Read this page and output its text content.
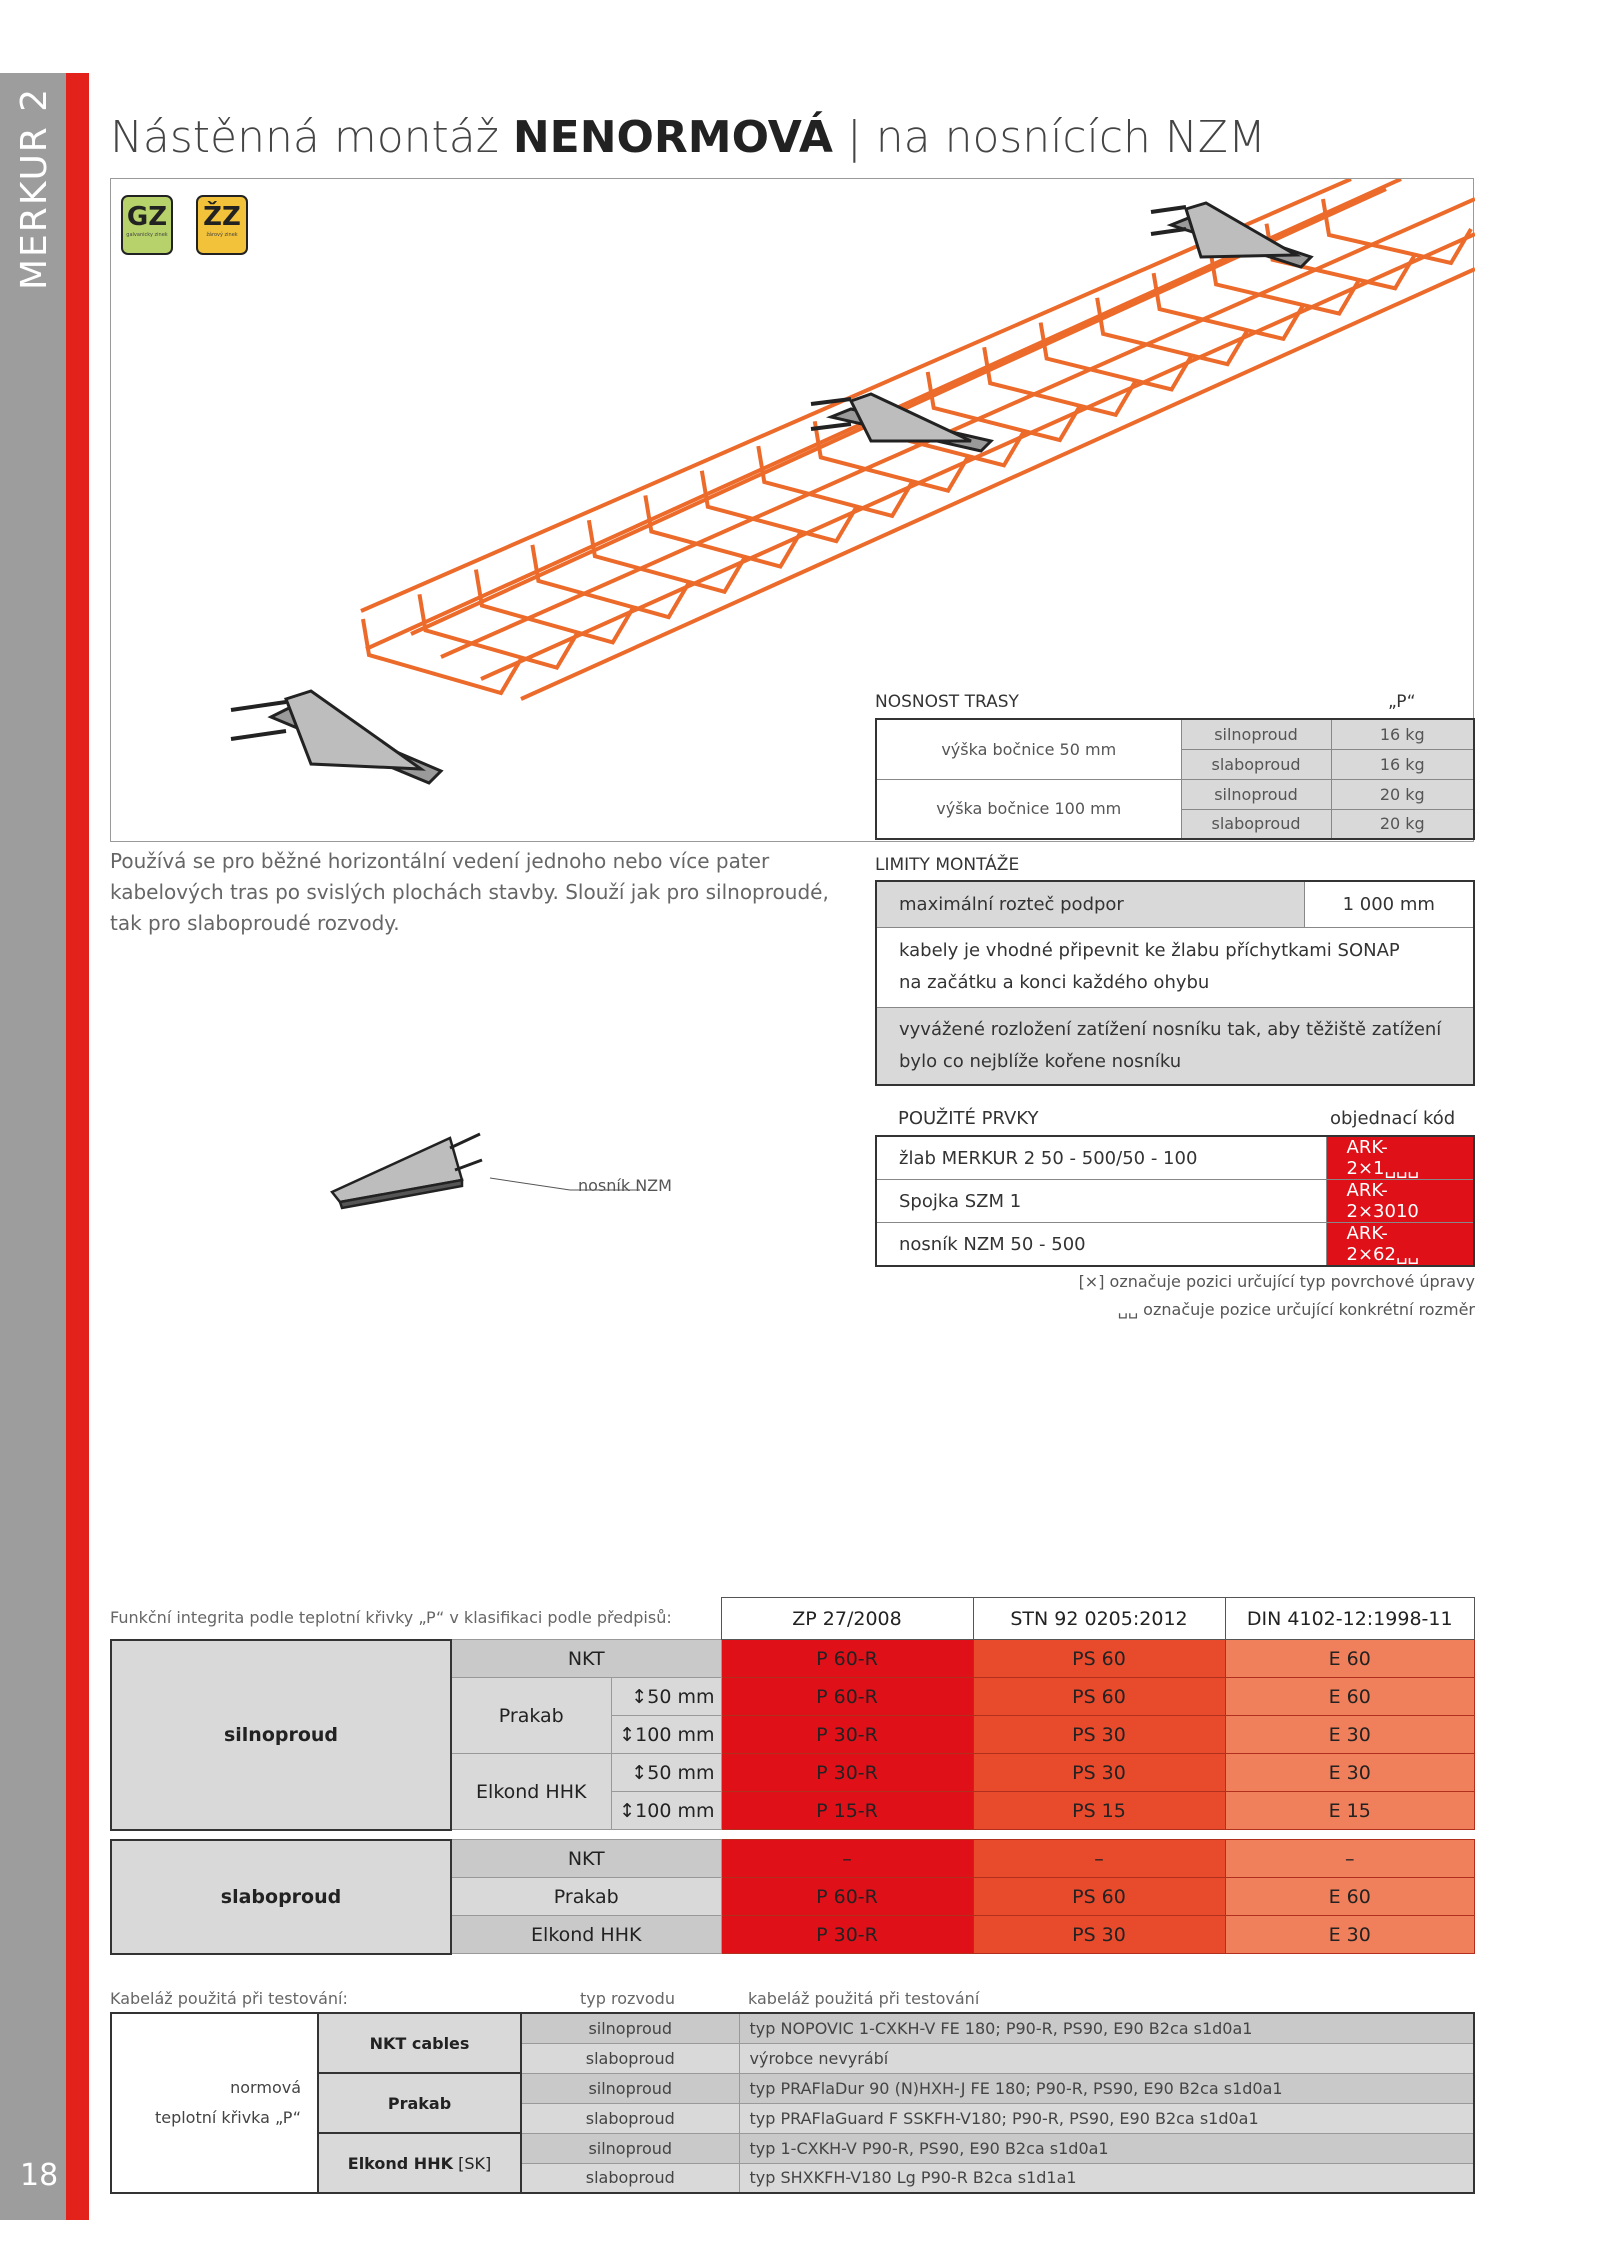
MERKUR 2
18
Nástěnná montáž NENORMOVÁ | na nosnících NZM
GZ
galvanicky zinek
ŽZ
žárový zinek
Používá se pro běžné horizontální vedení jednoho nebo více pater kabelových tras po svislých plochách stavby. Slouží jak pro silnoproudé, tak pro slaboproudé rozvody.
nosník NZM
NOSNOST TRASY	„P“
výška bočnice 50 mm	silnoproud	16 kg
	slaboproud	16 kg
výška bočnice 100 mm	silnoproud	20 kg
	slaboproud	20 kg
LIMITY MONTÁŽE
maximální rozteč podpor	1 000 mm

kabely je vhodné připevnit ke žlabu příchytkami SONAP
na začátku a konci každého ohybu

vyvážené rozložení zatížení nosníku tak, aby těžiště zatížení
bylo co nejblíže kořene nosníku
POUŽITÉ PRVKY	objednací kód
žlab MERKUR 2 50 - 500/50 - 100	ARK-2×1␣␣␣
Spojka SZM 1	ARK-2×3010
nosník NZM 50 - 500	ARK-2×62␣␣
[×] označuje pozici určující typ povrchové úpravy
␣␣ označuje pozice určující konkrétní rozměr
Funkční integrita podle teplotní křivky „P“ v klasifikaci podle předpisů:
			ZP 27/2008	STN 92 0205:2012	DIN 4102-12:1998-11
silnoproud	NKT		P 60-R	PS 60	E 60
	Prakab	↕50 mm	P 60-R	PS 60	E 60
		↕100 mm	P 30-R	PS 30	E 30
	Elkond HHK	↕50 mm	P 30-R	PS 30	E 30
		↕100 mm	P 15-R	PS 15	E 15

slaboproud	NKT		–	–	–
	Prakab		P 60-R	PS 60	E 60
	Elkond HHK		P 30-R	PS 30	E 30
Kabeláž použitá při testování:	typ rozvodu	kabeláž použitá při testování
normová
teplotní křivka „P“	NKT cables	silnoproud	typ NOPOVIC 1-CXKH-V FE 180; P90-R, PS90, E90 B2ca s1d0a1
		slaboproud	výrobce nevyrábí
	Prakab	silnoproud	typ PRAFlaDur 90 (N)HXH-J FE 180; P90-R, PS90, E90 B2ca s1d0a1
		slaboproud	typ PRAFlaGuard F SSKFH-V180; P90-R, PS90, E90 B2ca s1d0a1
	Elkond HHK [SK]	silnoproud	typ 1-CXKH-V P90-R, PS90, E90 B2ca s1d0a1
		slaboproud	typ SHXKFH-V180 Lg P90-R B2ca s1d1a1
